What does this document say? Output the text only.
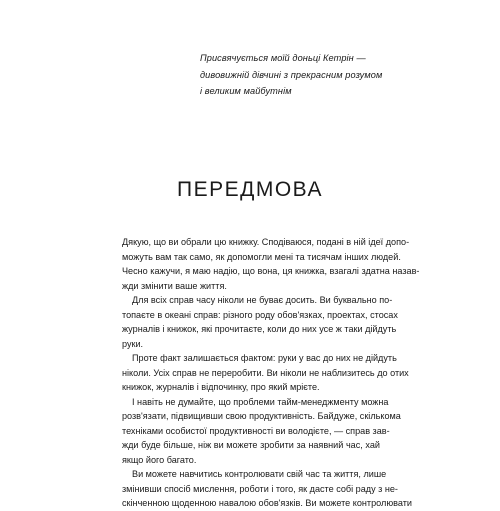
Присвячується моїй доньці Кетрін —
дивовижній дівчині з прекрасним розумом
і великим майбутнім

ПЕРЕДМОВА

Дякую, що ви обрали цю книжку. Сподіваюся, подані в ній ідеї допо-
можуть вам так само, як допомогли мені та тисячам інших людей.
Чесно кажучи, я маю надію, що вона, ця книжка, взагалі здатна назав-
жди змінити ваше життя.

Для всіх справ часу ніколи не буває досить. Ви буквально по-
топаєте в океані справ: різного роду обов'язках, проектах, стосах
журналів і книжок, які прочитаєте, коли до них усе ж таки дійдуть
руки.

Проте факт залишається фактом: руки у вас до них не дійдуть
ніколи. Усіх справ не переробити. Ви ніколи не наблизитесь до отих
книжок, журналів і відпочинку, про який мрієте.

І навіть не думайте, що проблеми тайм-менеджменту можна
розв'язати, підвищивши свою продуктивність. Байдуже, скількома
техніками особистої продуктивності ви володієте, — справ зав-
жди буде більше, ніж ви можете зробити за наявний час, хай
якщо його багато.

Ви можете навчитись контролювати свій час та життя, лише
змінивши спосіб мислення, роботи і того, як дасте собі раду з не-
скінченною щоденною навалою обов'язків. Ви можете контролювати
